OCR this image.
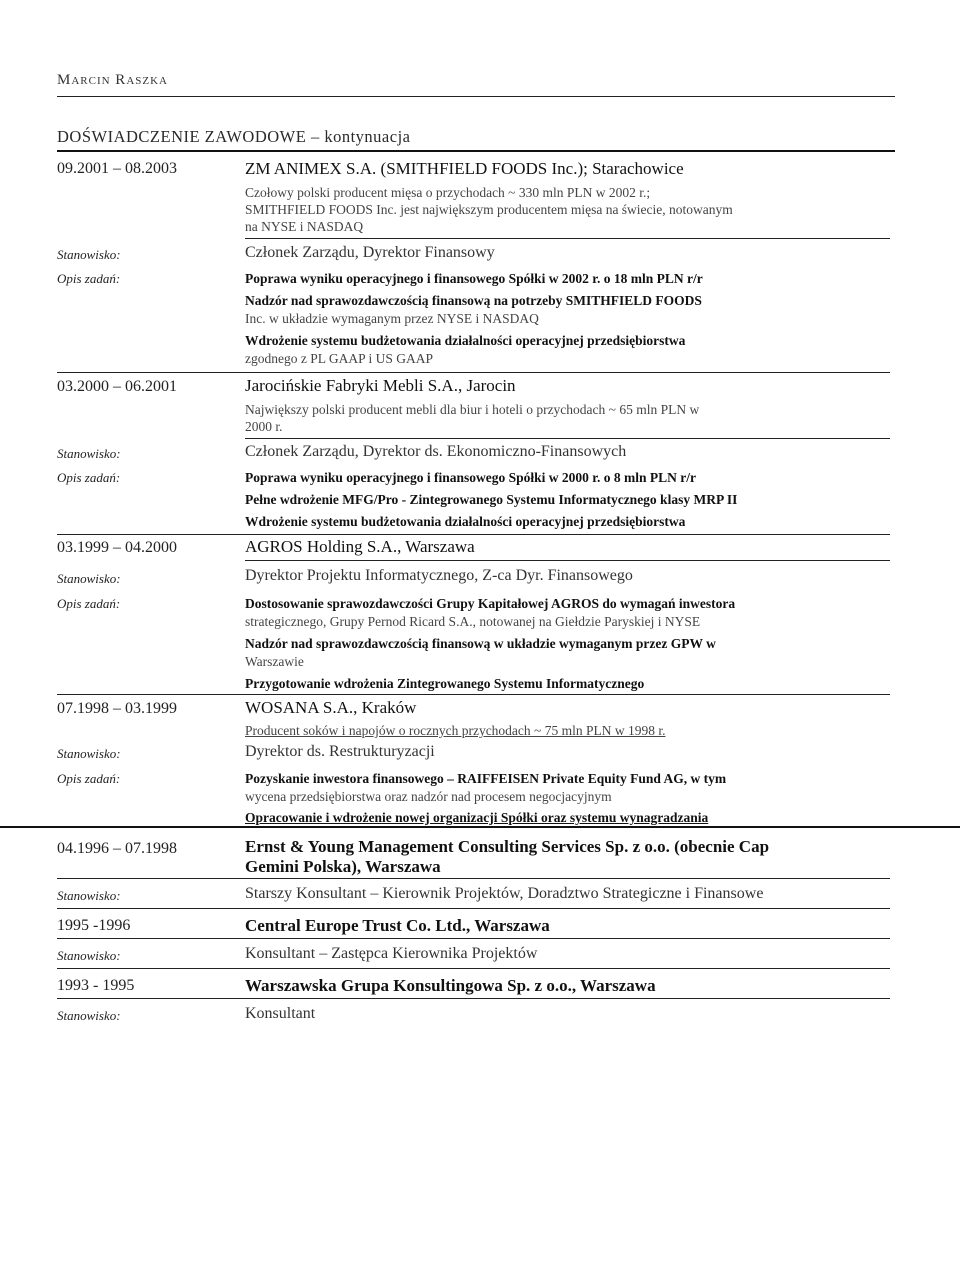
Marcin Raszka
DOŚWIADCZENIE ZAWODOWE – kontynuacja
09.2001 – 08.2003	ZM ANIMEX S.A. (SMITHFIELD FOODS Inc.); Starachowice
Czołowy polski producent mięsa o przychodach ~ 330 mln PLN w 2002 r.;
SMITHFIELD FOODS Inc. jest największym producentem mięsa na świecie, notowanym
na NYSE i NASDAQ
Stanowisko:	Członek Zarządu, Dyrektor Finansowy
Opis zadań:	Poprawa wyniku operacyjnego i finansowego Spółki w 2002 r. o 18 mln PLN r/r
Nadzór nad sprawozdawczością finansową na potrzeby SMITHFIELD FOODS
Inc. w układzie wymaganym przez NYSE i NASDAQ
Wdrożenie systemu budżetowania działalności operacyjnej przedsiębiorstwa
zgodnego z PL GAAP i US GAAP
03.2000 – 06.2001	Jarocińskie Fabryki Mebli S.A., Jarocin
Największy polski producent mebli dla biur i hoteli o przychodach ~ 65 mln PLN w
2000 r.
Stanowisko:	Członek Zarządu, Dyrektor ds. Ekonomiczno-Finansowych
Opis zadań:	Poprawa wyniku operacyjnego i finansowego Spółki w 2000 r. o 8 mln PLN r/r
Pełne wdrożenie MFG/Pro - Zintegrowanego Systemu Informatycznego klasy MRP II
Wdrożenie systemu budżetowania działalności operacyjnej przedsiębiorstwa
03.1999 – 04.2000	AGROS Holding S.A., Warszawa
Stanowisko:	Dyrektor Projektu Informatycznego, Z-ca Dyr. Finansowego
Opis zadań:	Dostosowanie sprawozdawczości Grupy Kapitałowej AGROS do wymagań inwestora
strategicznego, Grupy Pernod Ricard S.A., notowanej na Giełdzie Paryskiej i NYSE
Nadzór nad sprawozdawczością finansową w układzie wymaganym przez GPW w
Warszawie
Przygotowanie wdrożenia Zintegrowanego Systemu Informatycznego
07.1998 – 03.1999	WOSANA S.A., Kraków
Producent soków i napojów o rocznych przychodach ~ 75 mln PLN w 1998 r.
Stanowisko:	Dyrektor ds. Restrukturyzacji
Opis zadań:	Pozyskanie inwestora finansowego – RAIFFEISEN Private Equity Fund AG, w tym
wycena przedsiębiorstwa oraz nadzór nad procesem negocjacyjnym
Opracowanie i wdrożenie nowej organizacji Spółki oraz systemu wynagradzania
04.1996 – 07.1998	Ernst & Young Management Consulting Services Sp. z o.o. (obecnie Cap
Gemini Polska), Warszawa
Stanowisko:	Starszy Konsultant – Kierownik Projektów, Doradztwo Strategiczne i Finansowe
1995 -1996	Central Europe Trust Co. Ltd., Warszawa
Stanowisko:	Konsultant – Zastępca Kierownika Projektów
1993 - 1995	Warszawska Grupa Konsultingowa Sp. z o.o., Warszawa
Stanowisko:	Konsultant
